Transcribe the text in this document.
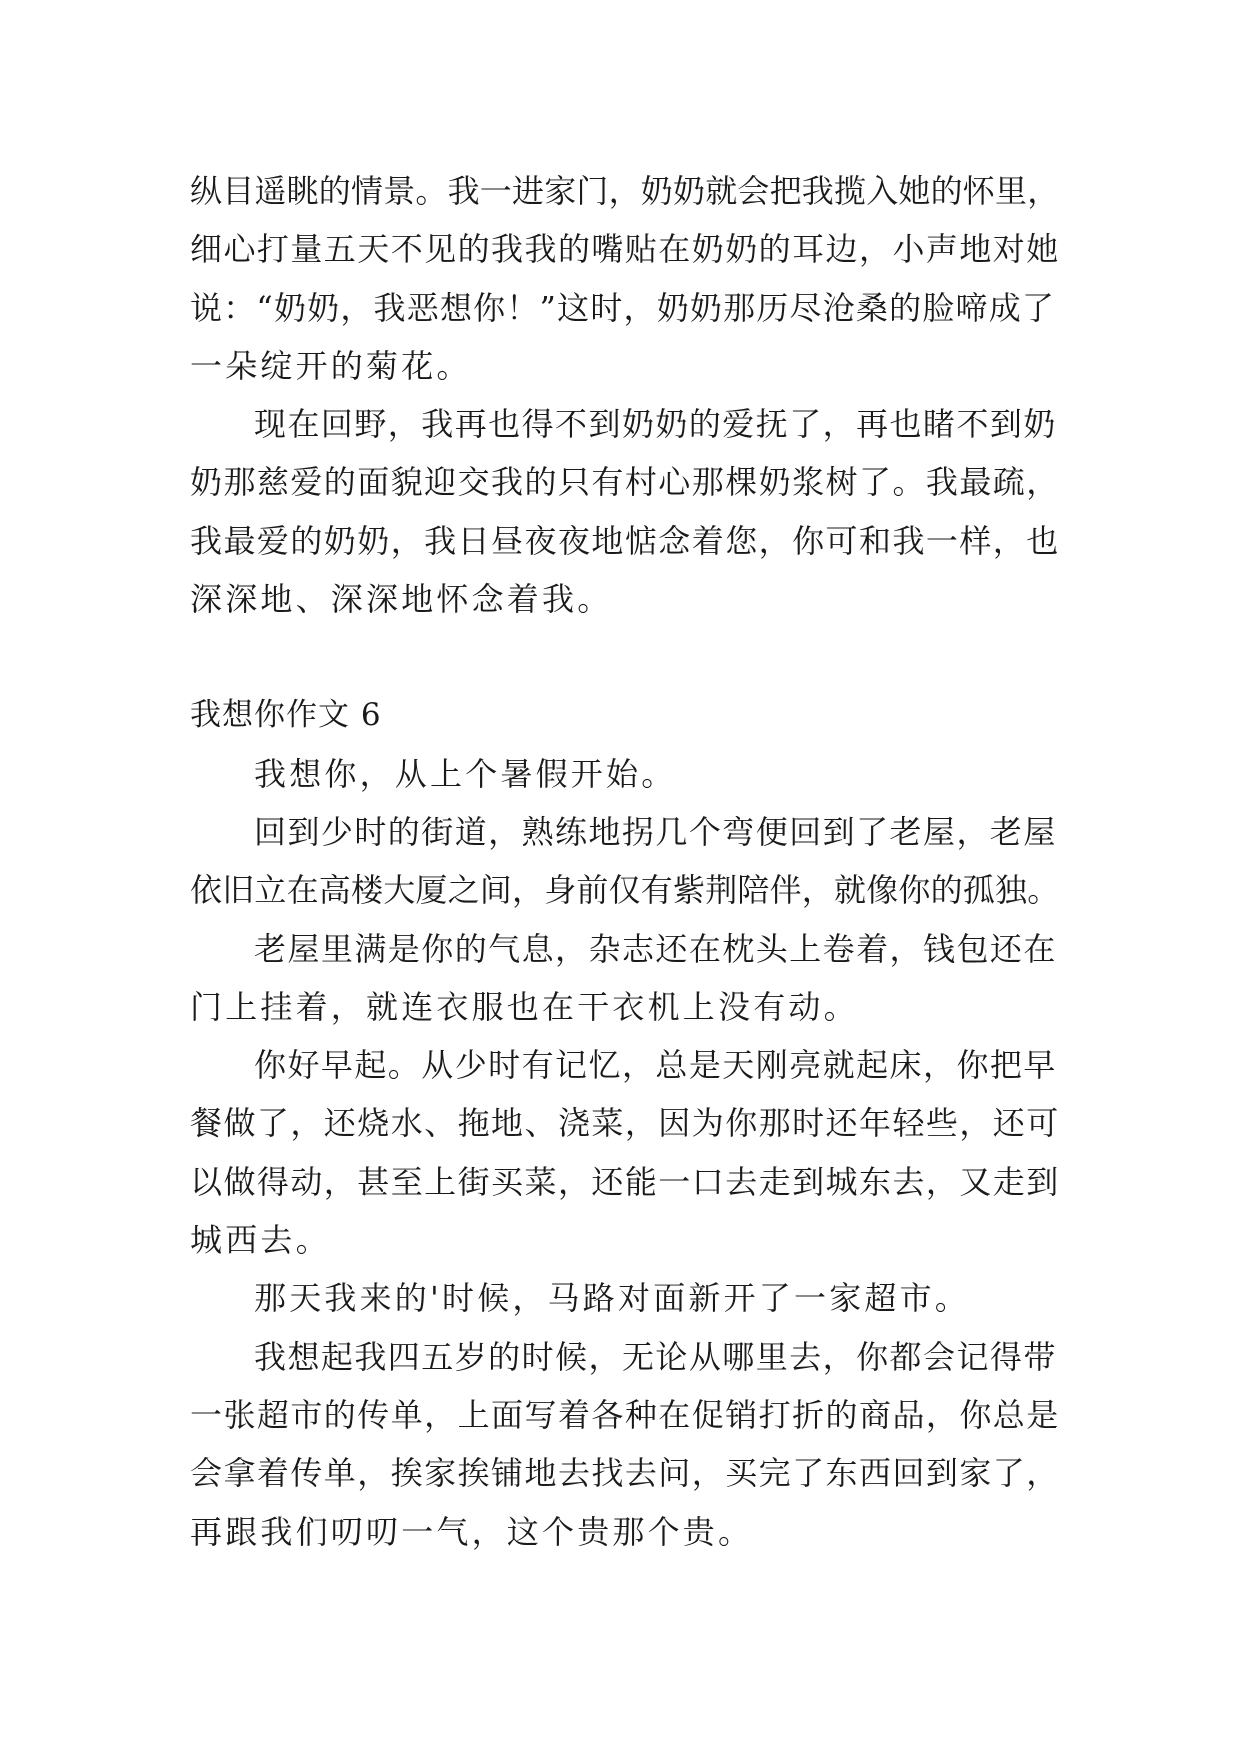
纵目遥眺的情景。我一进家门，奶奶就会把我揽入她的怀里，
细心打量五天不见的我我的嘴贴在奶奶的耳边，小声地对她
说：“奶奶，我恶想你！”这时，奶奶那历尽沧桑的脸啼成了
一朵绽开的菊花。
现在回野，我再也得不到奶奶的爱抚了，再也睹不到奶
奶那慈爱的面貌迎交我的只有村心那棵奶浆树了。我最疏，
我最爱的奶奶，我日昼夜夜地惦念着您，你可和我一样，也
深深地、深深地怀念着我。
我想你作文 6
我想你，从上个暑假开始。
回到少时的街道，熟练地拐几个弯便回到了老屋，老屋
依旧立在高楼大厦之间，身前仅有紫荆陪伴，就像你的孤独。
老屋里满是你的气息，杂志还在枕头上卷着，钱包还在
门上挂着，就连衣服也在干衣机上没有动。
你好早起。从少时有记忆，总是天刚亮就起床，你把早
餐做了，还烧水、拖地、浇菜，因为你那时还年轻些，还可
以做得动，甚至上街买菜，还能一口去走到城东去，又走到
城西去。
那天我来的'时候，马路对面新开了一家超市。
我想起我四五岁的时候，无论从哪里去，你都会记得带
一张超市的传单，上面写着各种在促销打折的商品，你总是
会拿着传单，挨家挨铺地去找去问，买完了东西回到家了，
再跟我们叨叨一气，这个贵那个贵。
